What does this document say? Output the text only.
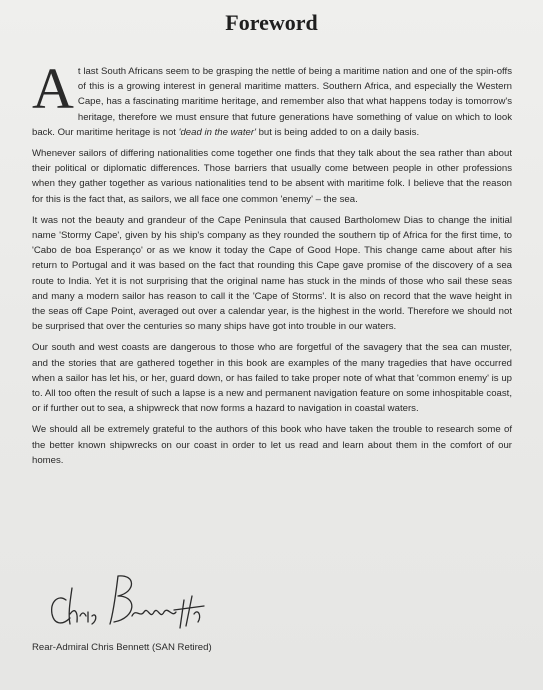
Foreword

At last South Africans seem to be grasping the nettle of being a maritime nation and one of the spin-offs of this is a growing interest in general maritime matters. Southern Africa, and especially the Western Cape, has a fascinating maritime heritage, and remember also that what happens today is tomorrow's heritage, therefore we must ensure that future generations have something of value on which to look back. Our maritime heritage is not 'dead in the water' but is being added to on a daily basis.

Whenever sailors of differing nationalities come together one finds that they talk about the sea rather than about their political or diplomatic differences. Those barriers that usually come between people in other professions when they gather together as various nationalities tend to be absent with maritime folk. I believe that the reason for this is the fact that, as sailors, we all face one common 'enemy' – the sea.

It was not the beauty and grandeur of the Cape Peninsula that caused Bartholomew Dias to change the initial name 'Stormy Cape', given by his ship's company as they rounded the southern tip of Africa for the first time, to 'Cabo de boa Esperanço' or as we know it today the Cape of Good Hope. This change came about after his return to Portugal and it was based on the fact that rounding this Cape gave promise of the discovery of a sea route to India. Yet it is not surprising that the original name has stuck in the minds of those who sail these seas and many a modern sailor has reason to call it the 'Cape of Storms'. It is also on record that the wave height in the seas off Cape Point, averaged out over a calendar year, is the highest in the world. Therefore we should not be surprised that over the centuries so many ships have got into trouble in our waters.

Our south and west coasts are dangerous to those who are forgetful of the savagery that the sea can muster, and the stories that are gathered together in this book are examples of the many tragedies that have occurred when a sailor has let his, or her, guard down, or has failed to take proper note of what that 'common enemy' is up to. All too often the result of such a lapse is a new and permanent navigation feature on some inhospitable coast, or if further out to sea, a shipwreck that now forms a hazard to navigation in coastal waters.

We should all be extremely grateful to the authors of this book who have taken the trouble to research some of the better known shipwrecks on our coast in order to let us read and learn about them in the comfort of our homes.

Rear-Admiral Chris Bennett (SAN Retired)
